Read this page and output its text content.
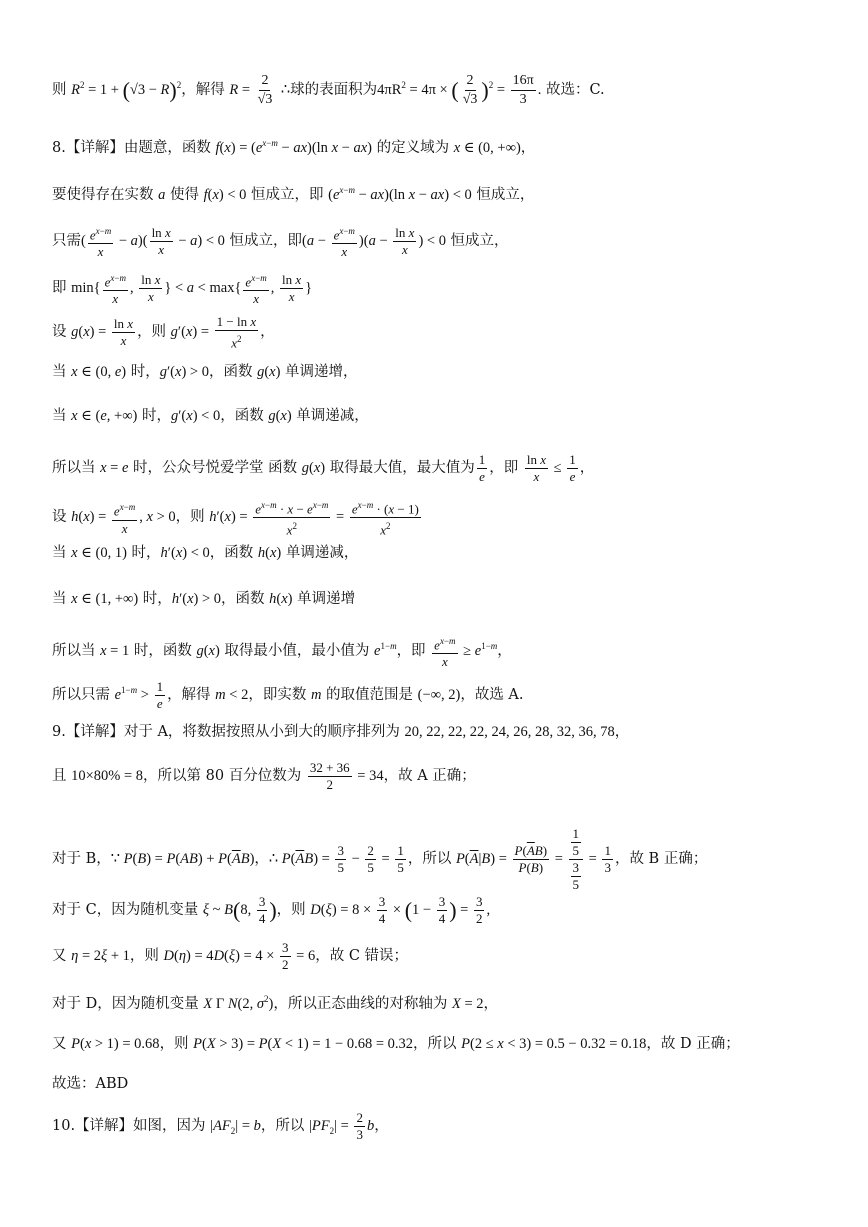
则 $R^2 = 1 + (√3 - R)^2$，解得 $R = \frac{2}{√3}$ ∴球的表面积为$4\pi R^2 = 4\pi$ × ( $\frac{2}{√3} )^2 = \frac{16\pi}{3}$ . 故选：C.
8.【详解】由题意，函数 $f(x) = (e^{x-m} - ax)(\ln$ x − ax) 的定义域为 x ∈ (0, +∞)，
要使得存在实数 a 使得 f(x) < 0 恒成立，即 $(e^{x-m} - ax)(\ln$ x − ax) < 0 恒成立，
只需( $\frac{e^{x-m}}{x} - a)( \frac{\text{ln x}}{x} - a) < 0$ 恒成立，即$(a - \frac{e^{x-m}}{x} )(a - \frac{\text{ln x}}{x}$ ) < 0 恒成立，
即 $\min\{ \frac{e^{x-m}}{x}$ , $\frac{\text{ln x}}{x}$ } < $a < \max\{ \frac{e^{x-m}}{x}$ , $\frac{\text{ln x}}{x}$ }
设 $g(x) = \frac{\text{ln x}}{x}$ ，则 $g'(x) = \frac{\text{1 − ln x}}{x^2}$ ，
当 x ∈ (0, e) 时，g′(x) > 0，函数 g(x) 单调递增，
当 x ∈ (e, +∞) 时，g′(x) < 0，函数 g(x) 单调递减，
所以当 x = e 时，公众号悦爱学堂 函数 g(x) 取得最大值，最大值为 $\frac{1}{e}$ ，即 $\frac{\text{ln x}}{x} \le \frac{1}{e}$ ，
设 $h(x) = \frac{e^{x-m}}{x}$ , x > 0，则 $h'(x) = \frac{e^{x-m} \cdot x - e^{x-m}}{x^2} = \frac{e^{x-m} \cdot (x - 1)}{x^2}$
当 x ∈ (0, 1) 时，h′(x) < 0，函数 h(x) 单调递减，
当 x ∈ (1, +∞) 时，h′(x) > 0，函数 h(x) 单调递增
所以当 x = 1 时，函数 g(x) 取得最小值，最小值为 $e^{1-m}$，即 $\frac{e^{x-m}}{x} \ge e^{1-m}$，
所以只需 $e^{1-m} > \frac{1}{e}$ ，解得 m < 2，即实数 m 的取值范围是 (−∞, 2)，故选 A.
9.【详解】对于 A，将数据按照从小到大的顺序排列为 20, 22, 22, 22, 24, 26, 28, 32, 36, 78，
且 10×80% = 8，所以第 80 百分位数为 $\frac{32 + 36}{2} = 34$，故 A 正确；
对于 B，∵ $P(B) = P(AB) + P(\overline{A}B)$，∴ $P(\overline{A}B) = \frac{3}{5} - \frac{2}{5} = \frac{1}{5}$ ，所以 $P(\overline{A}|B) = \frac{P(\overline{A}B)}{P(B)} = \frac{\frac{1}{5}}{\frac{3}{5}} = \frac{1}{3}$ ，故 B 正确；
对于 C，因为随机变量 ξ ~ B(8, $\frac{3}{4}$ )，则 $D(\xi) = 8 \times \frac{3}{4} \times (1 - \frac{3}{4}$ ) = $\frac{3}{2}$ ,
又 η = 2ξ + 1，则 $D(\eta) = 4D(\xi) = 4 \times \frac{3}{2} = 6$，故 C 错误；
对于 D，因为随机变量 X Γ N(2, $\sigma^2$)，所以正态曲线的对称轴为 X = 2，
又 P(x > 1) = 0.68，则 P(X > 3) = P(X < 1) = 1 − 0.68 = 0.32，所以 P(2 ≤ x < 3) = 0.5 − 0.32 = 0.18，故 D 正确；
故选：ABD
10.【详解】如图，因为 $|AF_2| = b$，所以 $|PF_2| = \frac{2}{3}$ b，
